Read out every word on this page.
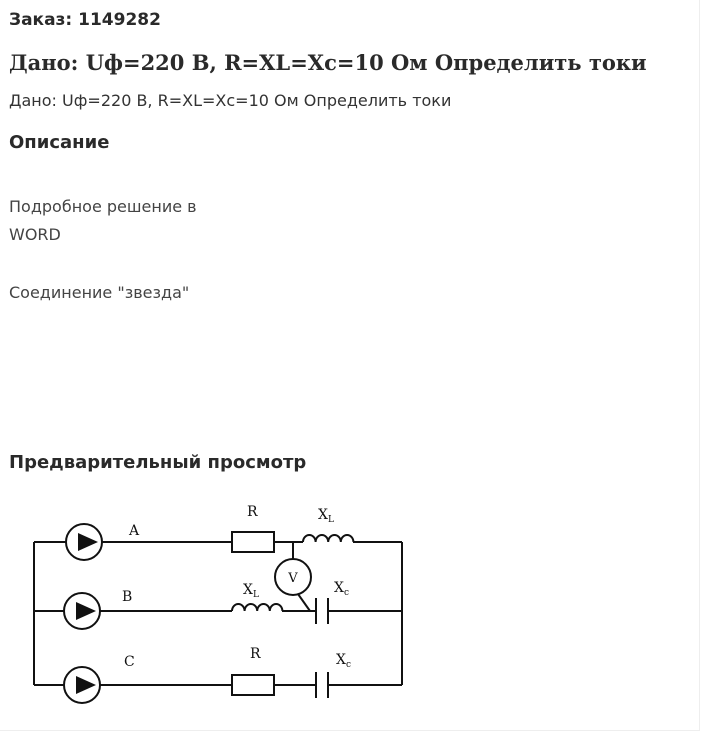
Заказ: 1149282
Дано: Uф=220 В, R=XL=Xc=10 Ом Определить токи
Дано: Uф=220 В, R=XL=Xc=10 Ом Определить токи
Описание
Подробное решение в
WORD
Соединение "звезда"
Предварительный просмотр
A
B
C
R
R
$X_L$
$X_L$	$X_c$
$X_c$
V
